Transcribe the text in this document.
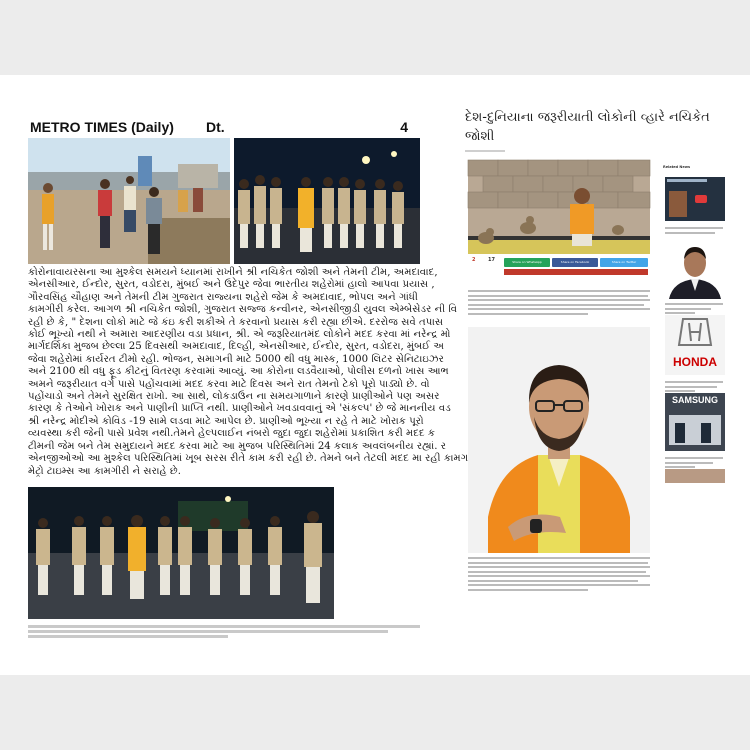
METRO TIMES (Daily) Dt.	4

કોરોનાવાયરસના આ મુશ્કેલ સમયને ધ્યાનમાં રાખીને શ્રી નચિકેત જોશી અને તેમની ટીમ, અમદાવાદ,

એનસીઆર, ઈન્દોર, સુરત, વડોદરા, મુંબઈ અને ઉદેપુર જેવા ભારતીય શહેરોમાં હાલો આપવા પ્રયાસ ,

ગૌરવસિંહ ચૌહાણ અને તેમની ટીમ ગુજરાત રાજ્યના શહેરો જેમ કે અમદાવાદ, ભોપલ અને ગાંધી

કામગીરી કરેલ. આગળ શ્રી નચિકેત જોશી, ગુજરાત સજ્જ કન્વીનર, એનસીજીડી યુવલ એમ્બેસેડર ની વિ

રહી છે કે, " દેશના લોકો માટે જે કંઇ કરી શકીએ તે કરવાનો પ્રયાસ કરી રહ્યા છીએ. દરરોજ સવે તપાસ

કોઈ ભૂખ્યો નથી ને અમારા આદરણીય વડા પ્રધાન, શ્રી. એ જરૂરિયાતમંદ લોકોને મદદ કરવા માં નરેન્દ્ર મો

માર્ગદર્શિકા મુજબ છેલ્લા 25 દિવસથી અમદાવાદ, દિલ્હી, એનસીઆર, ઈન્દોર, સુરત, વડોદરા, મુંબઈ અ

જેવા શહેરોમાં કાર્યરત ટીમો રહી. ભોજન, સમાગની માટે 5000 થી વધુ માસ્ક, 1000 લિટર સેનિટાઇઝર

અને 2100 થી વધુ ફૂડ કીટનું વિતરણ કરવામાં આવ્યું. આ કોરોના લડવૈયાઓ, પોલીસ દળનો ખાસ આભ

અમને જરૂરીયાત વર્ગ પાસે પહોંચવામાં મદદ કરવા માટે દિવસ અને રાત તેમનો ટેકો પૂરો પાડ્યો છે. વો

પહોંચાડો અને તેમને સુરક્ષિત રાખો. આ સાથે, લોકડાઉન ના સમયગાળાને કારણે પ્રાણીઓને પણ અસર

કારણ કે તેઓને ખોરાક અને પાણીની પ્રાપ્તિ નથી. પ્રાણીઓને ખવડાવવાનું એ 'સંકલ્પ' છે જે માનનીય વડ

શ્રી નરેન્દ્ર મોદીએ કોવિડ -19 સામે લડવા માટે આપેલ છે. પ્રાણીઓ ભૂખ્યા ન રહે તે માટે ખોરાક પૂરો

વ્યવસ્થા કરી જેની પાસે પ્રવેશ નથી.તેમને હેલ્પલાઈન નંબરો જુદા જુદા શહેરોમાં પ્રકાશિત કરી મદદ ક

ટીમની જેમ બને તેમ સમુદાયને મદદ કરવા માટે આ મુજબ પરિસ્થિતિમાં 24 કલાક અવલંબનીય રહ્યાં. ર

એનજીઓઓ આ મુશ્કેલ પરિસ્થિતિમાં ખૂબ સરસ રીતે કામ કરી રહી છે. તેમને બને તેટલી મદદ મા રહી કામગ

મેટ્રો ટાઇમ્સ આ કામગીરી ને સરાહે છે.

દેશ-દુનિયાના જરૂરીયાતી લોકોની વ્હારે નચિકેત જોશી
2	17	Share on WhatsApp	Share on Facebook	Share on Twitter
Related News
HONDA
SAMSUNG
